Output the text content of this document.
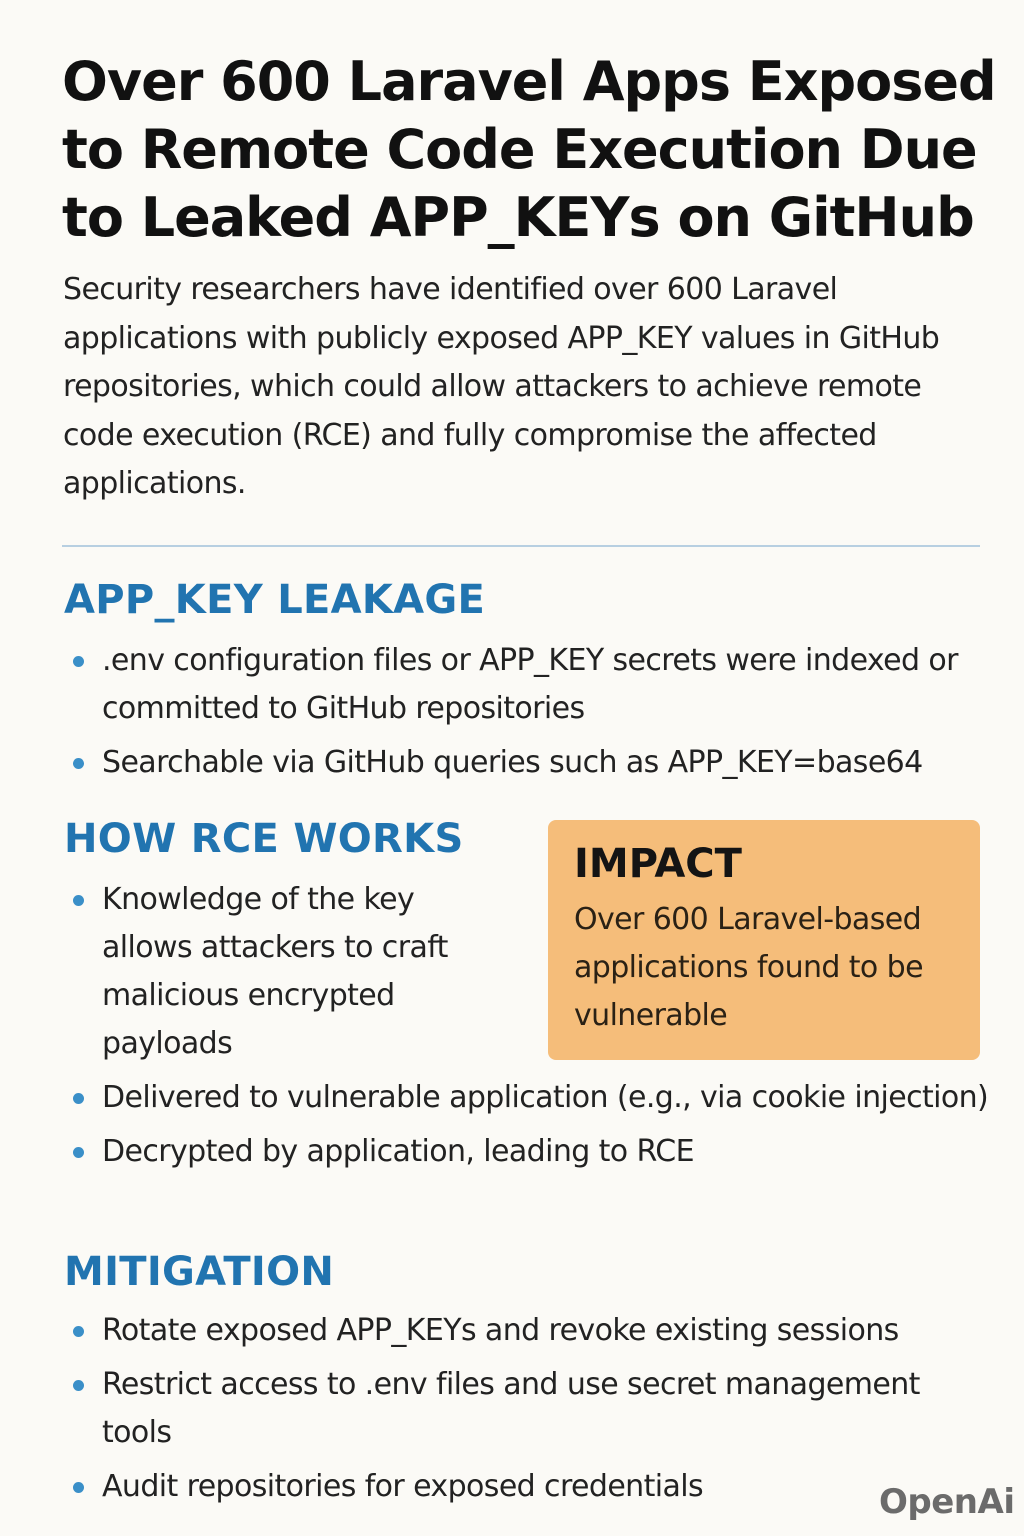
Over 600 Laravel Apps Exposed to Remote Code Execution Due to Leaked APP_KEYs on GitHub

Security researchers have identified over 600 Laravel applications with publicly exposed APP_KEY values in GitHub repositories, which could allow attackers to achieve remote code execution (RCE) and fully compromise the affected applications.

APP_KEY LEAKAGE
.env configuration files or APP_KEY secrets were indexed or committed to GitHub repositories
Searchable via GitHub queries such as APP_KEY=base64
HOW RCE WORKS
Knowledge of the key allows attackers to craft malicious encrypted payloads
Delivered to vulnerable application (e.g., via cookie injection)
Decrypted by application, leading to RCE
IMPACT

Over 600 Laravel-based applications found to be vulnerable

MITIGATION
Rotate exposed APP_KEYs and revoke existing sessions
Restrict access to .env files and use secret management tools
Audit repositories for exposed credentials	OpenAi
